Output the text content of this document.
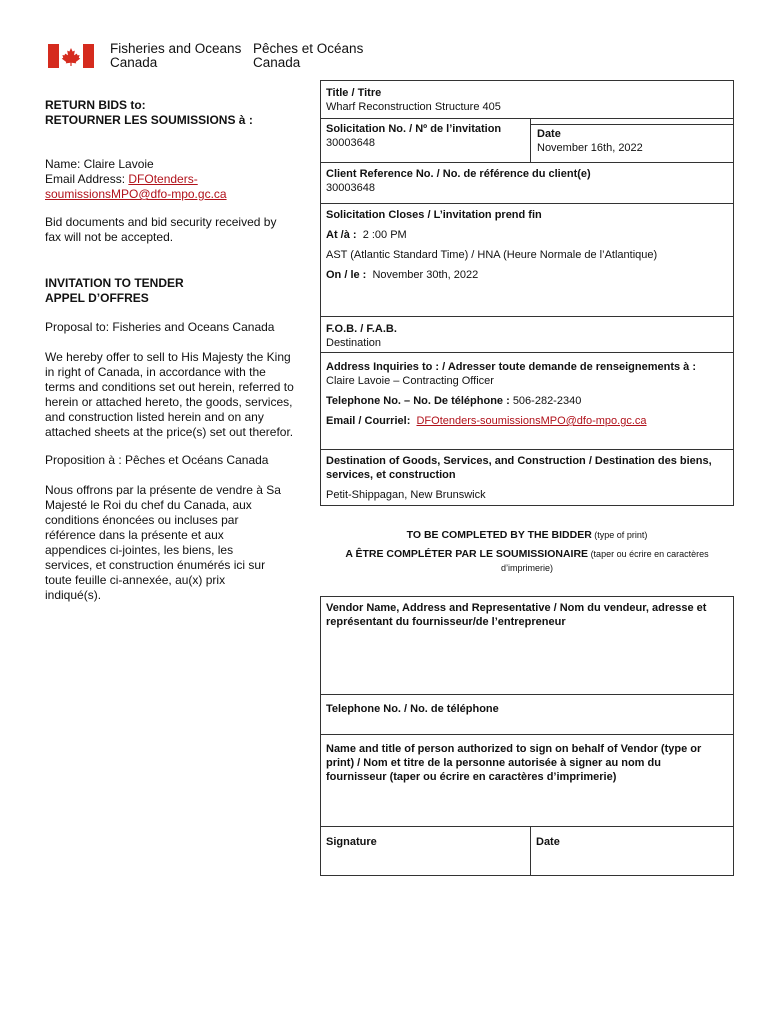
Fisheries and Oceans
Canada
Pêches et Océans
Canada
RETURN BIDS to:
RETOURNER LES SOUMISSIONS à :
Name: Claire Lavoie
Email Address: DFOtenders-
soumissionsMPO@dfo-mpo.gc.ca
Bid documents and bid security received by
fax will not be accepted.
INVITATION TO TENDER
APPEL D’OFFRES
Proposal to: Fisheries and Oceans Canada
We hereby offer to sell to His Majesty the King
in right of Canada, in accordance with the
terms and conditions set out herein, referred to
herein or attached hereto, the goods, services,
and construction listed herein and on any
attached sheets at the price(s) set out therefor.
Proposition à : Pêches et Océans Canada
Nous offrons par la présente de vendre à Sa
Majesté le Roi du chef du Canada, aux
conditions énoncées ou incluses par
référence dans la présente et aux
appendices ci-jointes, les biens, les
services, et construction énumérés ici sur
toute feuille ci-annexée, au(x) prix
indiqué(s).
Title / Titre
Wharf Reconstruction Structure 405
Solicitation No. / Nº de l’invitation
30003648
Date
November 16th, 2022
Client Reference No. / No. de référence du client(e)
30003648
Solicitation Closes / L’invitation prend fin
At /à : 2 :00 PM
AST (Atlantic Standard Time) / HNA (Heure Normale de l’Atlantique)
On / le : November 30th, 2022
F.O.B. / F.A.B.
Destination
Address Inquiries to : / Adresser toute demande de renseignements à :
Claire Lavoie – Contracting Officer
Telephone No. – No. De téléphone : 506-282-2340
Email / Courriel: DFOtenders-soumissionsMPO@dfo-mpo.gc.ca
Destination of Goods, Services, and Construction / Destination des biens,
services, et construction
Petit-Shippagan, New Brunswick
TO BE COMPLETED BY THE BIDDER (type of print)
A ÊTRE COMPLÉTER PAR LE SOUMISSIONAIRE (taper ou écrire en caractères
d’imprimerie)
Vendor Name, Address and Representative / Nom du vendeur, adresse et
représentant du fournisseur/de l’entrepreneur
Telephone No. / No. de téléphone
Name and title of person authorized to sign on behalf of Vendor (type or
print) / Nom et titre de la personne autorisée à signer au nom du
fournisseur (taper ou écrire en caractères d’imprimerie)
Signature	Date
